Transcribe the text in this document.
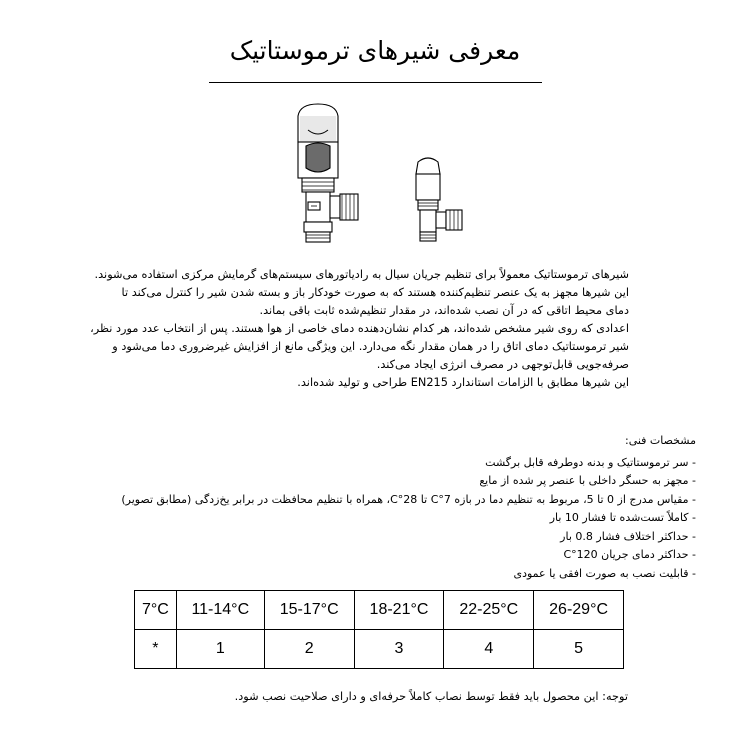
معرفی شیرهای ترموستاتیک

شیرهای ترموستاتیک معمولاً برای تنظیم جریان سیال به رادیاتورهای سیستم‌های گرمایش مرکزی استفاده می‌شوند.

این شیرها مجهز به یک عنصر تنظیم‌کننده هستند که به صورت خودکار باز و بسته شدن شیر را کنترل می‌کند تا

دمای محیط اتاقی که در آن نصب شده‌اند، در مقدار تنظیم‌شده ثابت باقی بماند.

اعدادی که روی شیر مشخص شده‌اند، هر کدام نشان‌دهنده دمای خاصی از هوا هستند. پس از انتخاب عدد مورد نظر،

شیر ترموستاتیک دمای اتاق را در همان مقدار نگه می‌دارد. این ویژگی مانع از افزایش غیرضروری دما می‌شود و

صرفه‌جویی قابل‌توجهی در مصرف انرژی ایجاد می‌کند.

این شیرها مطابق با الزامات استاندارد EN215 طراحی و تولید شده‌اند.

مشخصات فنی:

- سر ترموستاتیک و بدنه دوطرفه قابل برگشت
- مجهز به حسگر داخلی با عنصر پر شده از مایع
- مقیاس مدرج از 0 تا 5، مربوط به تنظیم دما در بازه 7°C تا 28°C، همراه با تنظیم محافظت در برابر یخ‌زدگی (مطابق تصویر)
- کاملاً تست‌شده تا فشار 10 بار
- حداکثر اختلاف فشار 0.8 بار
- حداکثر دمای جریان 120°C
- قابلیت نصب به صورت افقی یا عمودی
7°C	11-14°C	15-17°C	18-21°C	22-25°C	26-29°C
*	1	2	3	4	5
توجه: این محصول باید فقط توسط نصاب کاملاً حرفه‌ای و دارای صلاحیت نصب شود.
